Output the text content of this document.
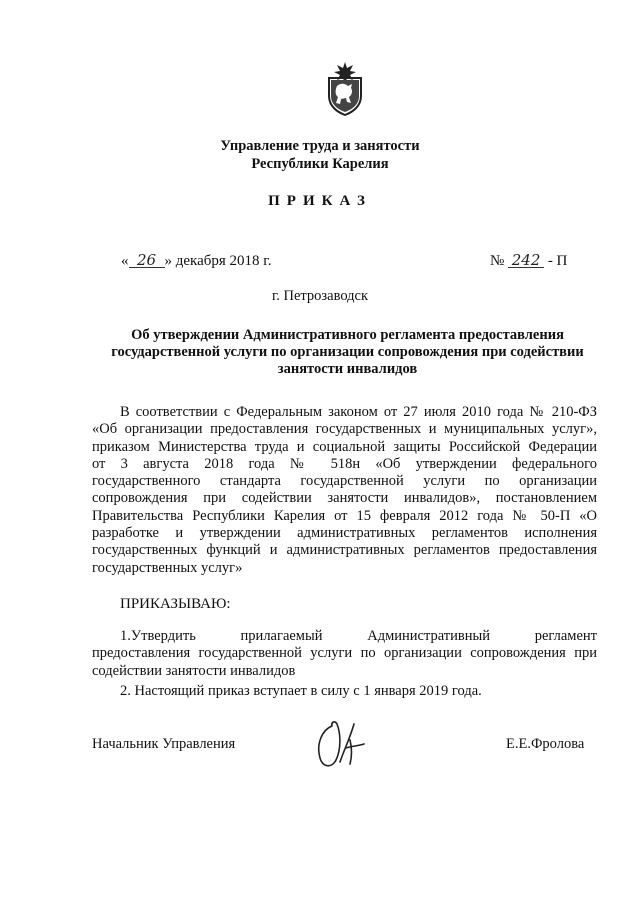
Управление труда и занятости
Республики Карелия
ПРИКАЗ
« 26 » декабря 2018 г.	№ 242 - П
г. Петрозаводск
Об утверждении Административного регламента предоставления
государственной услуги по организации сопровождения при содействии
занятости инвалидов
В соответствии с Федеральным законом от 27 июля 2010 года № 210-ФЗ
«Об организации предоставления государственных и муниципальных услуг»,
приказом Министерства труда и социальной защиты Российской Федерации
от 3 августа 2018 года № 518н «Об утверждении федерального
государственного стандарта государственной услуги по организации
сопровождения при содействии занятости инвалидов», постановлением
Правительства Республики Карелия от 15 февраля 2012 года № 50-П «О
разработке и утверждении административных регламентов исполнения
государственных функций и административных регламентов предоставления
государственных услуг»
ПРИКАЗЫВАЮ:
1.Утвердить прилагаемый Административный регламент
предоставления государственной услуги по организации сопровождения при
содействии занятости инвалидов
2. Настоящий приказ вступает в силу с 1 января 2019 года.
Начальник Управления	Е.Е.Фролова
